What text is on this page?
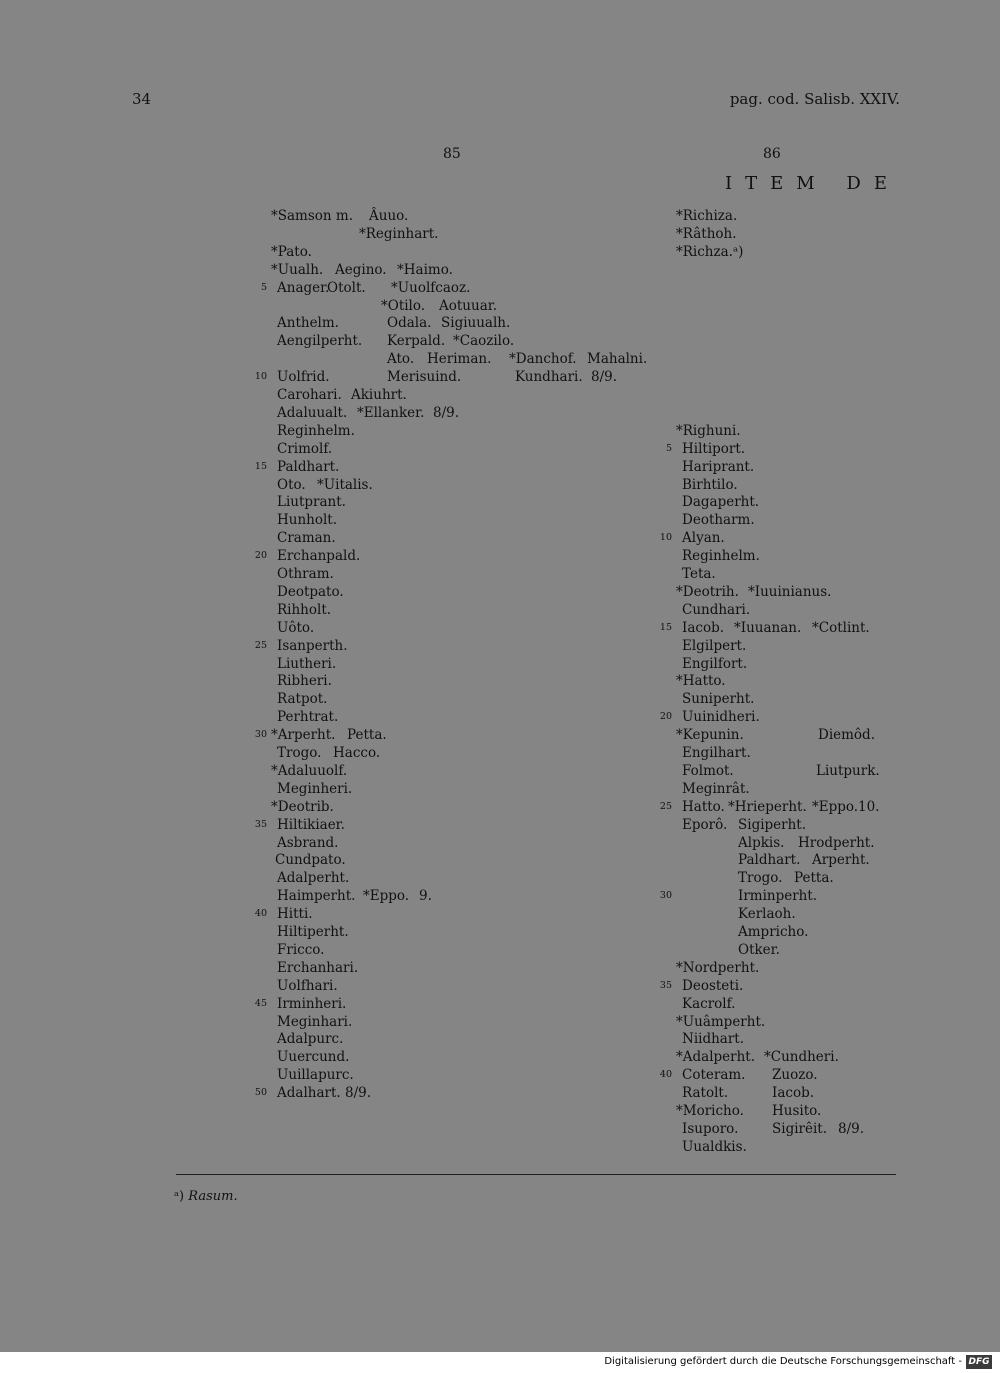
34	pag. cod. Salisb. XXIV.
85	86
ITEM DE
*Samson m. Âuuo.
*Reginhart.
*Pato.
*Uualh. Aegino. *Haimo.
5 Anager.
Otolt. *Uuolfcaoz.
*Otilo. Aotuuar.
Anthelm.	Odala. Sigiuualh.
Aengilperht. Kerpald. *Caozilo.
Ato. Heriman. *Danchof. Mahalni.
10 Uolfrid.	Merisuind.	Kundhari. 8/9.
Carohari. Akiuhrt.
Adaluualt. *Ellanker. 8/9.
Reginhelm.
Crimolf.
15 Paldhart.
Oto. *Uitalis.
Liutprant.
Hunholt.
Craman.
20 Erchanpald.
Othram.
Deotpato.
Rihholt.
Uôto.
25 Isanperth.
Liutheri.
Ribheri.
Ratpot.
Perhtrat.
30 *Arperht. Petta.
Trogo. Hacco.
*Adaluuolf.
Meginheri.
*Deotrib.
35 Hiltikiaer.
Asbrand.
Cundpato.
Adalperht.
Haimperht. *Eppo. 9.
40 Hitti.
Hiltiperht.
Fricco.
Erchanhari.
Uolfhari.
45 Irminheri.
Meginhari.
Adalpurc.
Uuercund.
Uuillapurc.
50 Adalhart. 8/9.
*Richiza.
*Râthoh.
*Richza.ᵃ)
*Righuni.
5 Hiltiport.
Hariprant.
Birhtilo.
Dagaperht.
Deotharm.
10 Alyan.
Reginhelm.
Teta.
*Deotrih. *Iuuinianus.
Cundhari.
15 Iacob. *Iuuanan. *Cotlint.
Elgilpert.
Engilfort.
*Hatto.
Suniperht.
20 Uuinidheri.
*Kepunin.	Diemôd.
Engilhart.
Folmot.	Liutpurk.
Meginrât.
25 Hatto. *Hrieperht. *Eppo. 10.
Eporô. Sigiperht.
Alpkis. Hrodperht.
Paldhart. Arperht.
Trogo. Petta.
30	Irminperht.
Kerlaoh.
Ampricho.
Otker.
*Nordperht.
35 Deosteti.
Kacrolf.
*Uuâmperht.
Niidhart.
*Adalperht. *Cundheri.
40 Coteram. Zuozo.
Ratolt.	Iacob.
*Moricho. Husito.
Isuporo. Sigirêit. 8/9.
Uualdkis.
ᵃ) Rasum.
Digitalisierung gefördert durch die Deutsche Forschungsgemeinschaft - DFG
